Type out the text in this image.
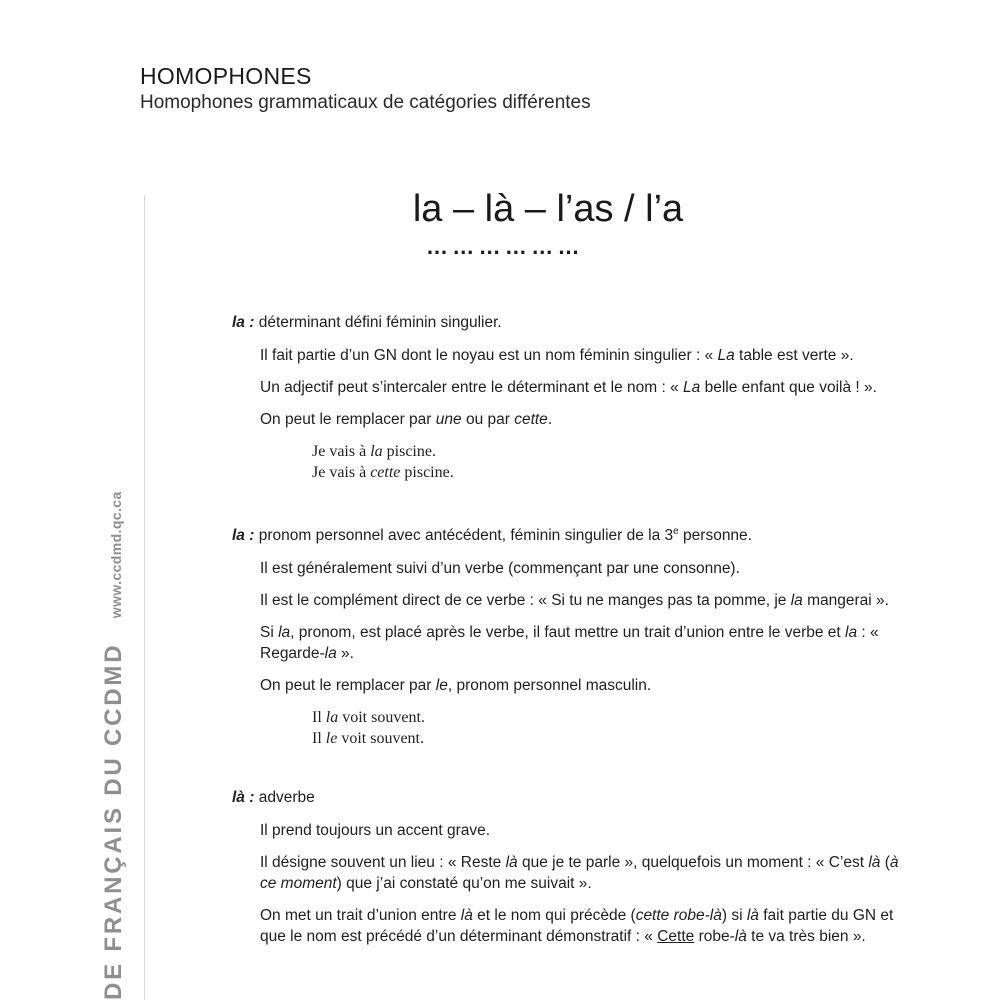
HOMOPHONES
Homophones grammaticaux de catégories différentes
DE FRANÇAIS DU CCDMD www.ccdmd.qc.ca
la – là – l’as / l’a
………………
la : déterminant défini féminin singulier.
Il fait partie d’un GN dont le noyau est un nom féminin singulier : « La table est verte ».
Un adjectif peut s’intercaler entre le déterminant et le nom : « La belle enfant que voilà ! ».
On peut le remplacer par une ou par cette.
Je vais à la piscine.
Je vais à cette piscine.
la : pronom personnel avec antécédent, féminin singulier de la 3e personne.
Il est généralement suivi d’un verbe (commençant par une consonne).
Il est le complément direct de ce verbe : « Si tu ne manges pas ta pomme, je la mangerai ».
Si la, pronom, est placé après le verbe, il faut mettre un trait d’union entre le verbe et la : « Regarde-la ».
On peut le remplacer par le, pronom personnel masculin.
Il la voit souvent.
Il le voit souvent.
là : adverbe
Il prend toujours un accent grave.
Il désigne souvent un lieu : « Reste là que je te parle », quelquefois un moment : « C’est là (à ce moment) que j’ai constaté qu’on me suivait ».
On met un trait d’union entre là et le nom qui précède (cette robe-là) si là fait partie du GN et que le nom est précédé d’un déterminant démonstratif : « Cette robe-là te va très bien ».
